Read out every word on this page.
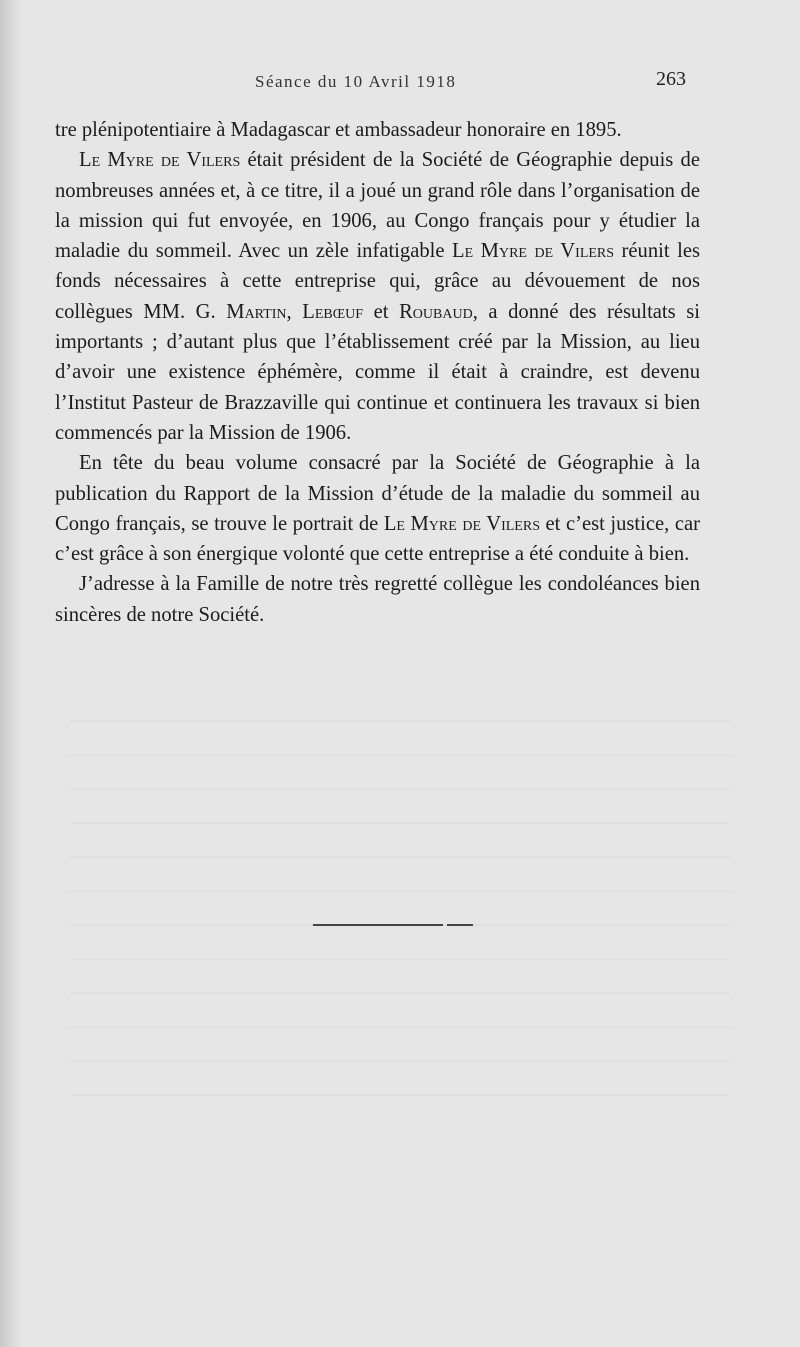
Séance du 10 Avril 1918	263

tre plénipotentiaire à Madagascar et ambassadeur honoraire en 1895.

Le Myre de Vilers était président de la Société de Géographie depuis de nombreuses années et, à ce titre, il a joué un grand rôle dans l’organisation de la mission qui fut envoyée, en 1906, au Congo français pour y étudier la maladie du sommeil. Avec un zèle infatigable Le Myre de Vilers réunit les fonds nécessaires à cette entreprise qui, grâce au dévouement de nos collègues MM. G. Martin, Lebœuf et Roubaud, a donné des résultats si importants ; d’autant plus que l’établissement créé par la Mission, au lieu d’avoir une existence éphémère, comme il était à craindre, est devenu l’Institut Pasteur de Brazzaville qui continue et continuera les travaux si bien commencés par la Mission de 1906.

En tête du beau volume consacré par la Société de Géographie à la publication du Rapport de la Mission d’étude de la maladie du sommeil au Congo français, se trouve le portrait de Le Myre de Vilers et c’est justice, car c’est grâce à son énergique volonté que cette entreprise a été conduite à bien.

J’adresse à la Famille de notre très regretté collègue les condoléances bien sincères de notre Société.
